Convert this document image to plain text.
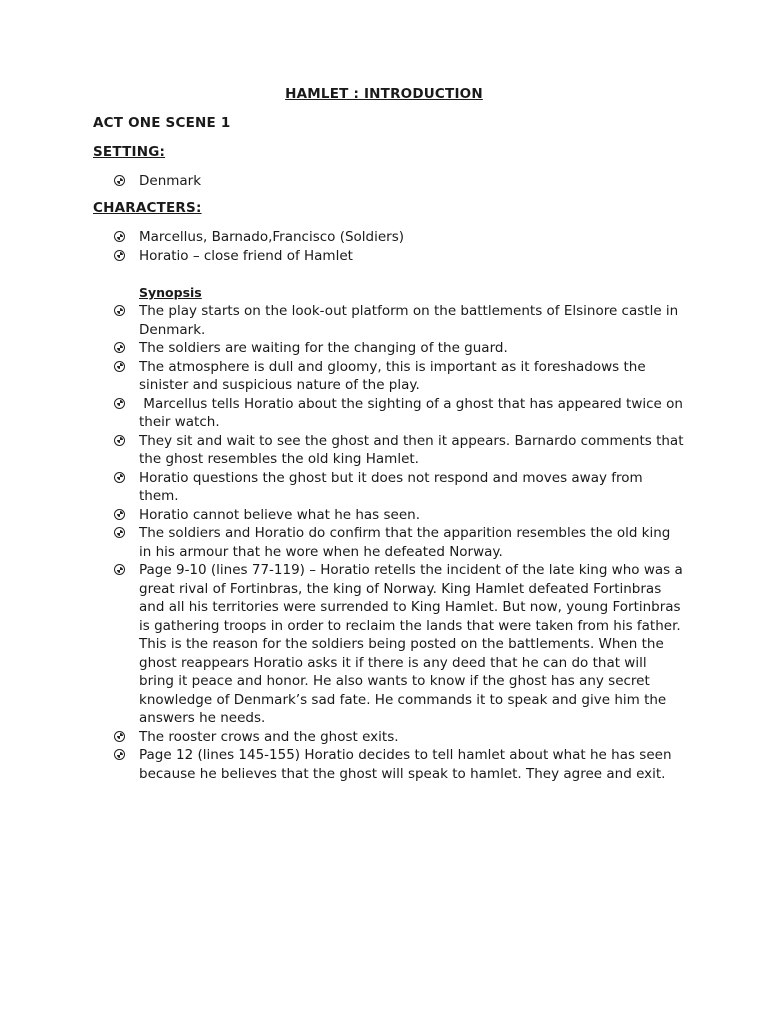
HAMLET : INTRODUCTION
ACT ONE SCENE 1
SETTING:
Denmark
CHARACTERS:
Marcellus, Barnado,Francisco (Soldiers)
Horatio – close friend of Hamlet
Synopsis
The play starts on the look-out platform on the battlements of Elsinore castle in Denmark.
The soldiers are waiting for the changing of the guard.
The atmosphere is dull and gloomy, this is important as it foreshadows the sinister and suspicious nature of the play.
Marcellus tells Horatio about the sighting of a ghost that has appeared twice on their watch.
They sit and wait to see the ghost and then it appears. Barnardo comments that the ghost resembles the old king Hamlet.
Horatio questions the ghost but it does not respond and moves away from them.
Horatio cannot believe what he has seen.
The soldiers and Horatio do confirm that the apparition resembles the old king in his armour that he wore when he defeated Norway.
Page 9-10 (lines 77-119) – Horatio retells the incident of the late king who was a great rival of Fortinbras, the king of Norway. King Hamlet defeated Fortinbras and all his territories were surrended to King Hamlet. But now, young Fortinbras is gathering troops in order to reclaim the lands that were taken from his father. This is the reason for the soldiers being posted on the battlements. When the ghost reappears Horatio asks it if there is any deed that he can do that will bring it peace and honor. He also wants to know if the ghost has any secret knowledge of Denmark’s sad fate. He commands it to speak and give him the answers he needs.
The rooster crows and the ghost exits.
Page 12 (lines 145-155) Horatio decides to tell hamlet about what he has seen because he believes that the ghost will speak to hamlet. They agree and exit.
